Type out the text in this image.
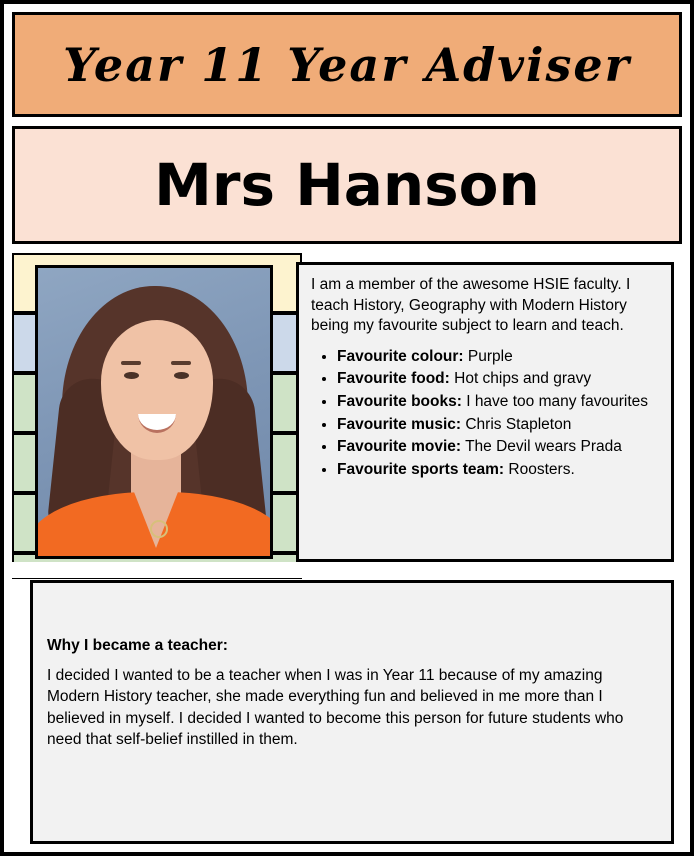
Year 11 Year Adviser
Mrs Hanson

I am a member of the awesome HSIE faculty. I teach History, Geography with Modern History being my favourite subject to learn and teach.

• Favourite colour: Purple
• Favourite food: Hot chips and gravy
• Favourite books: I have too many favourites
• Favourite music: Chris Stapleton
• Favourite movie: The Devil wears Prada
• Favourite sports team: Roosters.

Why I became a teacher:

I decided I wanted to be a teacher when I was in Year 11 because of my amazing Modern History teacher, she made everything fun and believed in me more than I believed in myself. I decided I wanted to become this person for future students who need that self-belief instilled in them.
